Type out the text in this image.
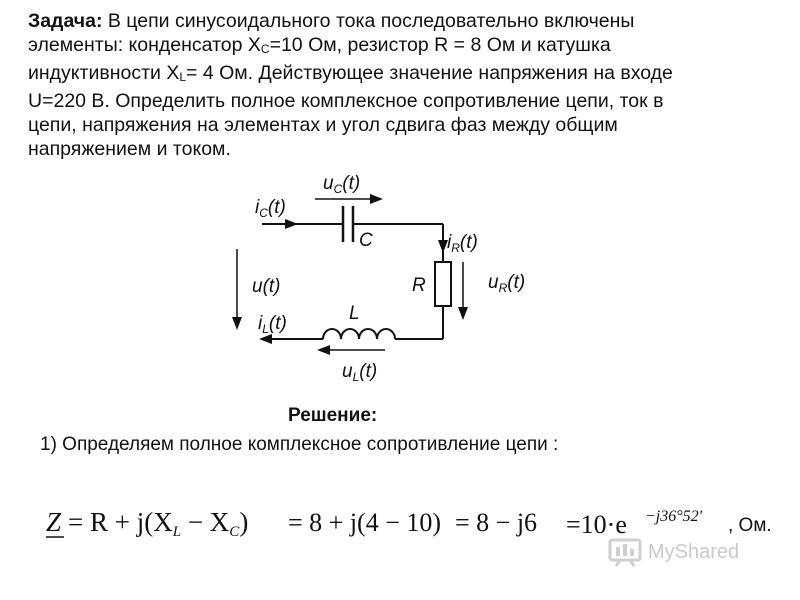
Задача: В цепи синусоидального тока последовательно включены
элементы: конденсатор $X_C=10$ Ом, резистор R = 8 Ом и катушка
индуктивности $X_L= 4$ Ом. Действующее значение напряжения на входе
U=220 В. Определить полное комплексное сопротивление цепи, ток в
цепи, напряжения на элементах и угол сдвига фаз между общим
напряжением и током.
$i_C(t)$
$u_C(t)$
C	$i_R(t)$
R	$u_R(t)$
u(t)
L
$i_L(t)$
$u_L(t)$
Решение:
1) Определяем полное комплексное сопротивление цепи :
Z = R + j(XL − XC) = 8 + j(4 − 10) = 8 − j6 =10·e −j36°52′ , Ом.
MyShared
